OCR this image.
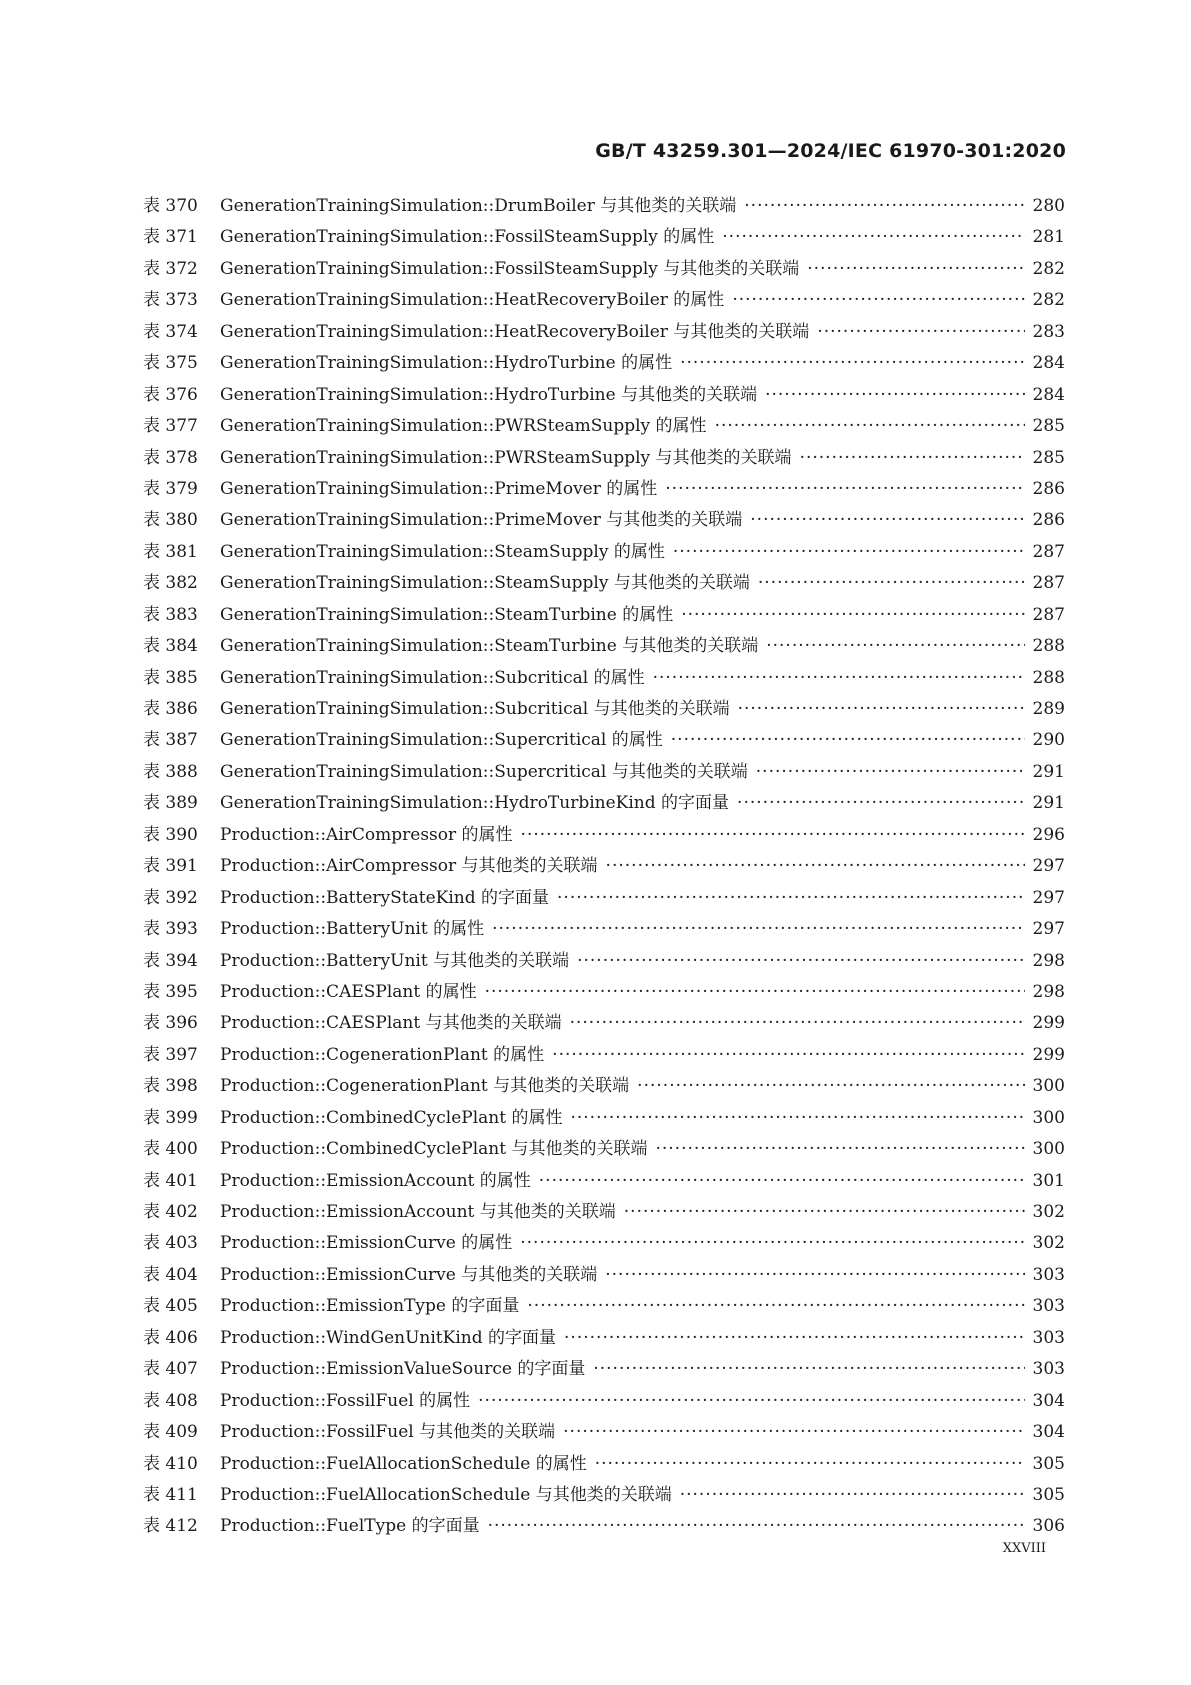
GB/T 43259.301—2024/IEC 61970-301:2020
表 370 GenerationTrainingSimulation::DrumBoiler 与其他类的关联端 ·····	280
表 371 GenerationTrainingSimulation::FossilSteamSupply 的属性 ·····	281
表 372 GenerationTrainingSimulation::FossilSteamSupply 与其他类的关联端 ·····	282
表 373 GenerationTrainingSimulation::HeatRecoveryBoiler 的属性 ·····	282
表 374 GenerationTrainingSimulation::HeatRecoveryBoiler 与其他类的关联端 ·····	283
表 375 GenerationTrainingSimulation::HydroTurbine 的属性 ·····	284
表 376 GenerationTrainingSimulation::HydroTurbine 与其他类的关联端 ·····	284
表 377 GenerationTrainingSimulation::PWRSteamSupply 的属性 ·····	285
表 378 GenerationTrainingSimulation::PWRSteamSupply 与其他类的关联端 ·····	285
表 379 GenerationTrainingSimulation::PrimeMover 的属性 ·····	286
表 380 GenerationTrainingSimulation::PrimeMover 与其他类的关联端 ·····	286
表 381 GenerationTrainingSimulation::SteamSupply 的属性 ·····	287
表 382 GenerationTrainingSimulation::SteamSupply 与其他类的关联端 ·····	287
表 383 GenerationTrainingSimulation::SteamTurbine 的属性 ·····	287
表 384 GenerationTrainingSimulation::SteamTurbine 与其他类的关联端 ·····	288
表 385 GenerationTrainingSimulation::Subcritical 的属性 ·····	288
表 386 GenerationTrainingSimulation::Subcritical 与其他类的关联端 ·····	289
表 387 GenerationTrainingSimulation::Supercritical 的属性 ·····	290
表 388 GenerationTrainingSimulation::Supercritical 与其他类的关联端 ·····	291
表 389 GenerationTrainingSimulation::HydroTurbineKind 的字面量 ·····	291
表 390 Production::AirCompressor 的属性 ·····	296
表 391 Production::AirCompressor 与其他类的关联端 ·····	297
表 392 Production::BatteryStateKind 的字面量 ·····	297
表 393 Production::BatteryUnit 的属性 ·····	297
表 394 Production::BatteryUnit 与其他类的关联端 ·····	298
表 395 Production::CAESPlant 的属性 ·····	298
表 396 Production::CAESPlant 与其他类的关联端 ·····	299
表 397 Production::CogenerationPlant 的属性 ·····	299
表 398 Production::CogenerationPlant 与其他类的关联端 ·····	300
表 399 Production::CombinedCyclePlant 的属性 ·····	300
表 400 Production::CombinedCyclePlant 与其他类的关联端 ·····	300
表 401 Production::EmissionAccount 的属性 ·····	301
表 402 Production::EmissionAccount 与其他类的关联端 ·····	302
表 403 Production::EmissionCurve 的属性 ·····	302
表 404 Production::EmissionCurve 与其他类的关联端 ·····	303
表 405 Production::EmissionType 的字面量 ·····	303
表 406 Production::WindGenUnitKind 的字面量 ·····	303
表 407 Production::EmissionValueSource 的字面量 ·····	303
表 408 Production::FossilFuel 的属性 ·····	304
表 409 Production::FossilFuel 与其他类的关联端 ·····	304
表 410 Production::FuelAllocationSchedule 的属性 ·····	305
表 411 Production::FuelAllocationSchedule 与其他类的关联端 ·····	305
表 412 Production::FuelType 的字面量 ·····	306
XXVIII
